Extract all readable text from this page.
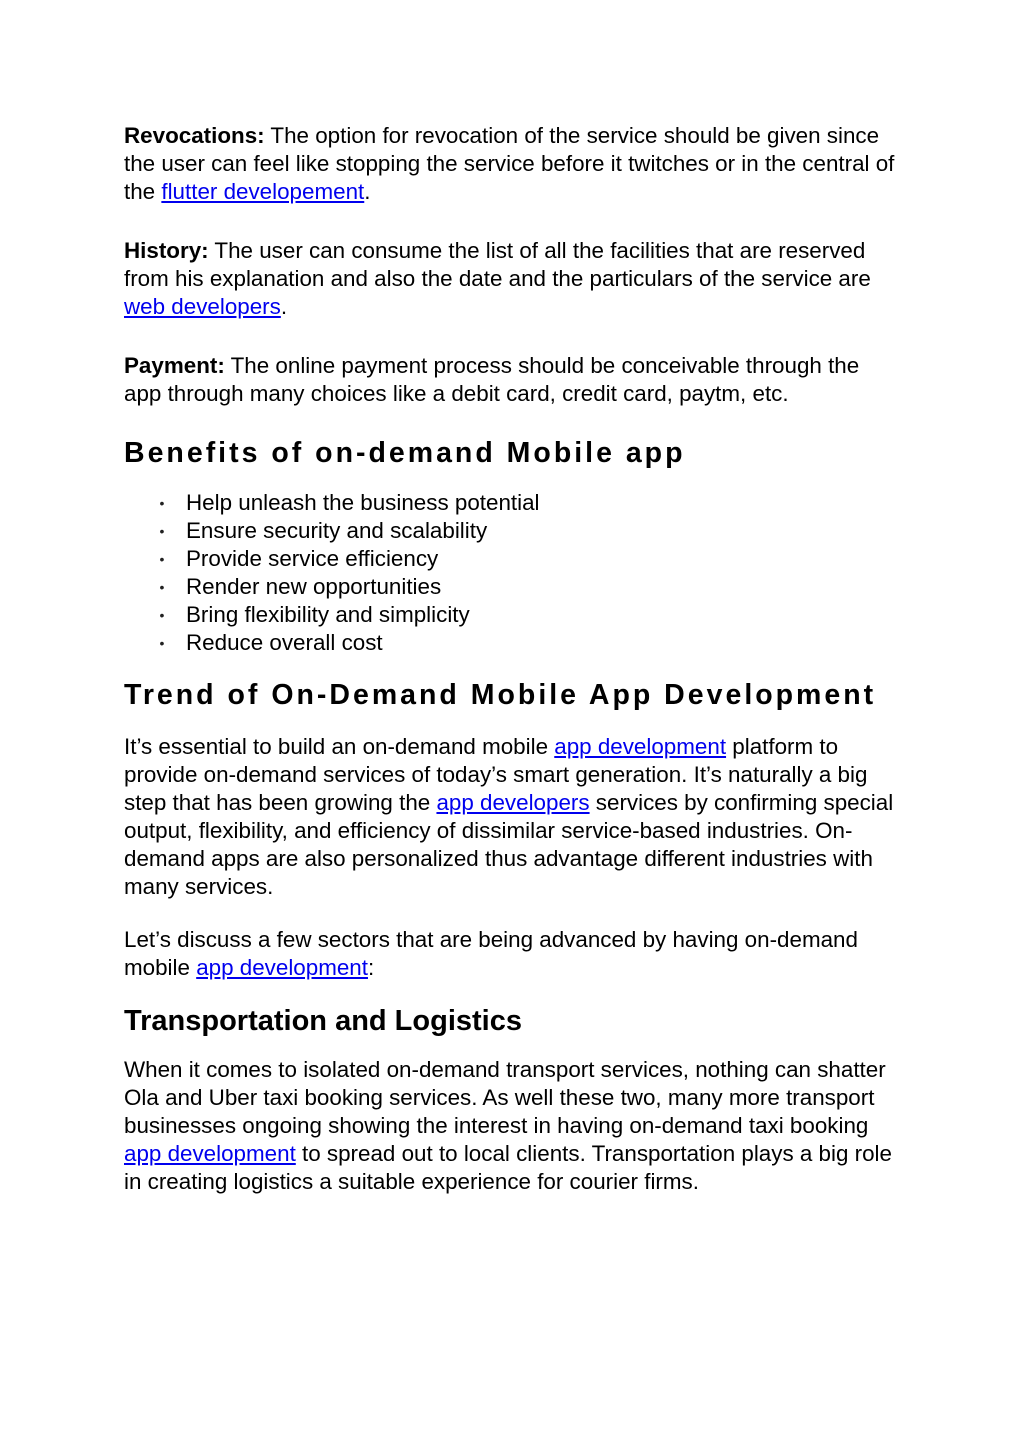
Revocations: The option for revocation of the service should be given since the user can feel like stopping the service before it twitches or in the central of the flutter developement.

History: The user can consume the list of all the facilities that are reserved from his explanation and also the date and the particulars of the service are web developers.

Payment: The online payment process should be conceivable through the app through many choices like a debit card, credit card, paytm, etc.

Benefits of on-demand Mobile app
• Help unleash the business potential
• Ensure security and scalability
• Provide service efficiency
• Render new opportunities
• Bring flexibility and simplicity
• Reduce overall cost
Trend of On-Demand Mobile App Development

It’s essential to build an on-demand mobile app development platform to provide on-demand services of today’s smart generation. It’s naturally a big step that has been growing the app developers services by confirming special output, flexibility, and efficiency of dissimilar service-based industries. On-demand apps are also personalized thus advantage different industries with many services.

Let’s discuss a few sectors that are being advanced by having on-demand mobile app development:

Transportation and Logistics

When it comes to isolated on-demand transport services, nothing can shatter Ola and Uber taxi booking services. As well these two, many more transport businesses ongoing showing the interest in having on-demand taxi booking app development to spread out to local clients. Transportation plays a big role in creating logistics a suitable experience for courier firms.
